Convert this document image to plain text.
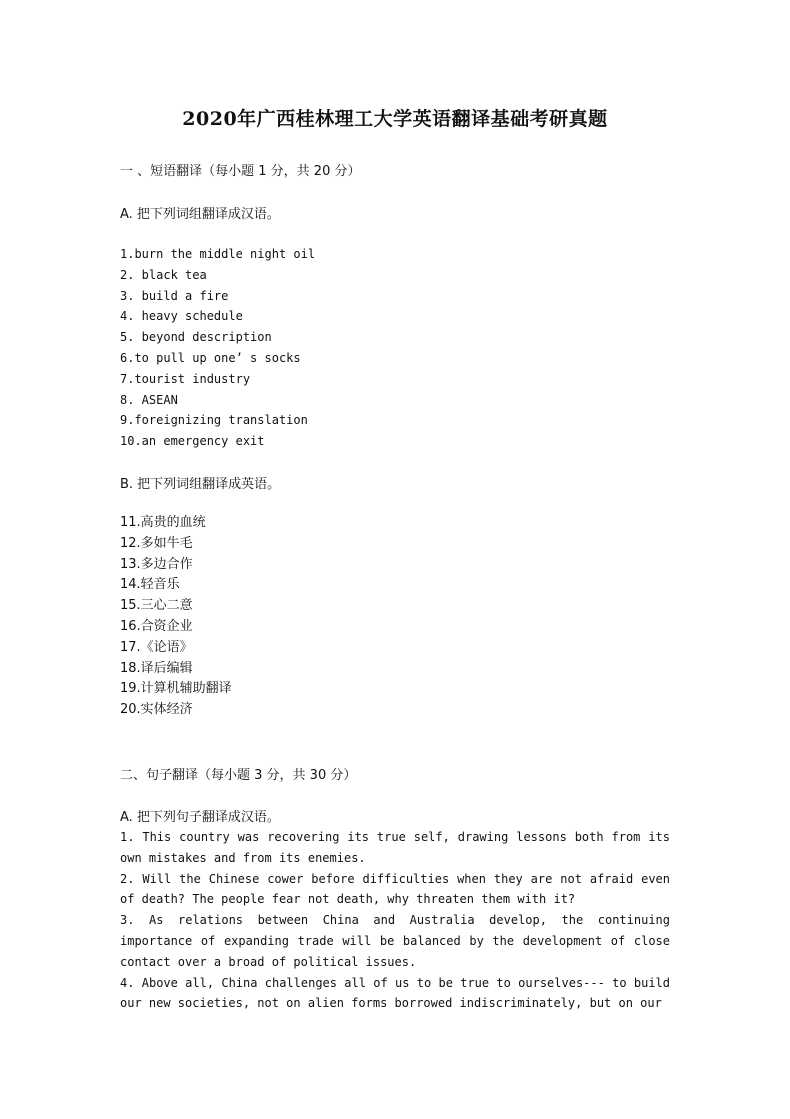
2020年广西桂林理工大学英语翻译基础考研真题
一 、短语翻译（每小题 1 分，共 20 分）
A. 把下列词组翻译成汉语。
1.burn the middle night oil
2. black tea
3. build a fire
4. heavy schedule
5. beyond description
6.to pull up one’ s socks
7.tourist industry
8. ASEAN
9.foreignizing translation
10.an emergency exit
B. 把下列词组翻译成英语。
11.高贵的血统
12.多如牛毛
13.多边合作
14.轻音乐
15.三心二意
16.合资企业
17.《论语》
18.译后编辑
19.计算机辅助翻译
20.实体经济
二、句子翻译（每小题 3 分，共 30 分）
A. 把下列句子翻译成汉语。
1. This country was recovering its true self, drawing lessons both from its own mistakes and from its enemies.
2. Will the Chinese cower before difficulties when they are not afraid even of death? The people fear not death, why threaten them with it?
3. As relations between China and Australia develop, the continuing importance of expanding trade will be balanced by the development of close contact over a broad of political issues.
4. Above all, China challenges all of us to be true to ourselves--- to build our new societies, not on alien forms borrowed indiscriminately, but on our
